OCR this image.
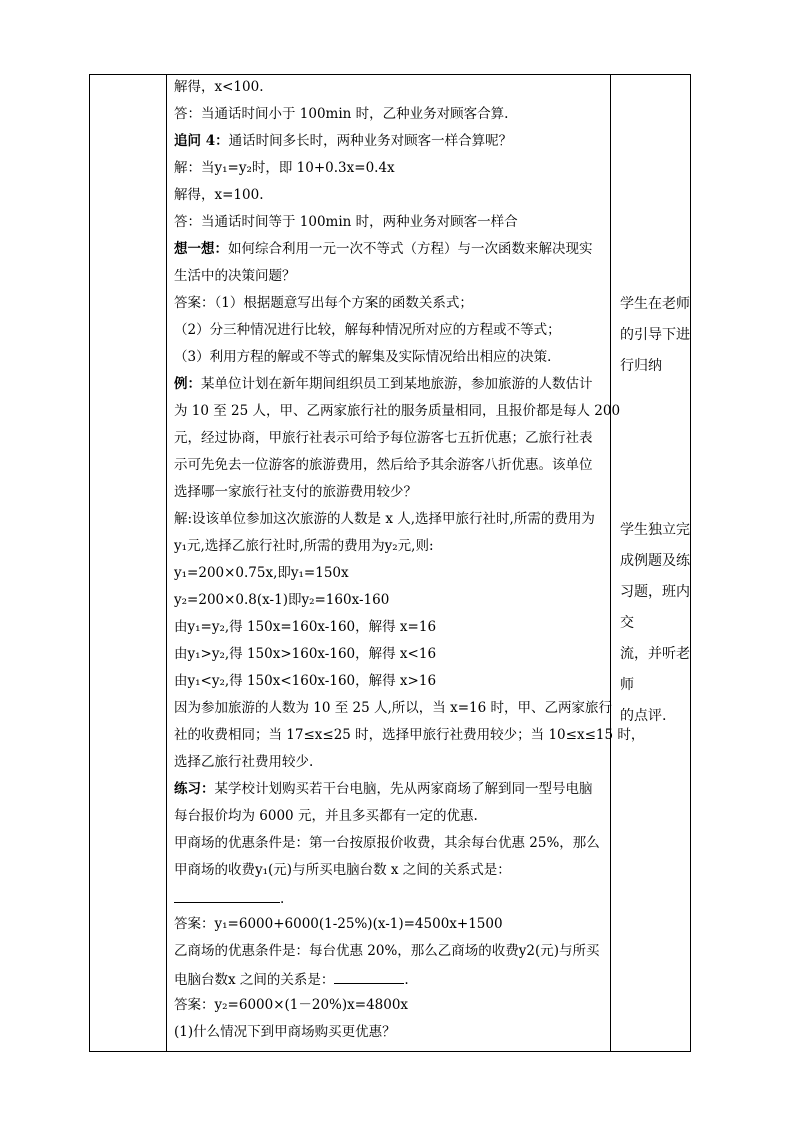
解得，x<100.
答：当通话时间小于 100min 时，乙种业务对顾客合算.
追问 4：通话时间多长时，两种业务对顾客一样合算呢？
解：当y₁=y₂时，即 10+0.3x=0.4x
解得，x=100.
答：当通话时间等于 100min 时，两种业务对顾客一样合
想一想：如何综合利用一元一次不等式（方程）与一次函数来解决现实
生活中的决策问题？
答案：（1）根据题意写出每个方案的函数关系式；
（2）分三种情况进行比较，解每种情况所对应的方程或不等式；
（3）利用方程的解或不等式的解集及实际情况给出相应的决策．
例：某单位计划在新年期间组织员工到某地旅游，参加旅游的人数估计
为 10 至 25 人，甲、乙两家旅行社的服务质量相同，且报价都是每人 200
元，经过协商，甲旅行社表示可给予每位游客七五折优惠；乙旅行社表
示可先免去一位游客的旅游费用，然后给予其余游客八折优惠。该单位
选择哪一家旅行社支付的旅游费用较少？
解:设该单位参加这次旅游的人数是 x 人,选择甲旅行社时,所需的费用为
y₁元,选择乙旅行社时,所需的费用为y₂元,则:
y₁=200×0.75x,即y₁=150x
y₂=200×0.8(x-1)即y₂=160x-160
由y₁=y₂,得 150x=160x-160，解得 x=16
由y₁>y₂,得 150x>160x-160，解得 x<16
由y₁<y₂,得 150x<160x-160，解得 x>16
因为参加旅游的人数为 10 至 25 人,所以，当 x=16 时，甲、乙两家旅行
社的收费相同；当 17≤x≤25 时，选择甲旅行社费用较少；当 10≤x≤15 时，
选择乙旅行社费用较少.
练习：某学校计划购买若干台电脑，先从两家商场了解到同一型号电脑
每台报价均为 6000 元，并且多买都有一定的优惠.
甲商场的优惠条件是：第一台按原报价收费，其余每台优惠 25%，那么
甲商场的收费y₁(元)与所买电脑台数 x 之间的关系式是：
.
答案：y₁=6000+6000(1-25%)(x-1)=4500x+1500
乙商场的优惠条件是：每台优惠 20%，那么乙商场的收费y2(元)与所买
电脑台数x 之间的关系是：	.
答案：y₂=6000×(1－20%)x=4800x
(1)什么情况下到甲商场购买更优惠？
学生在老师
的引导下进
行归纳
学生独立完
成例题及练
习题，班内交
流，并听老师
的点评.
